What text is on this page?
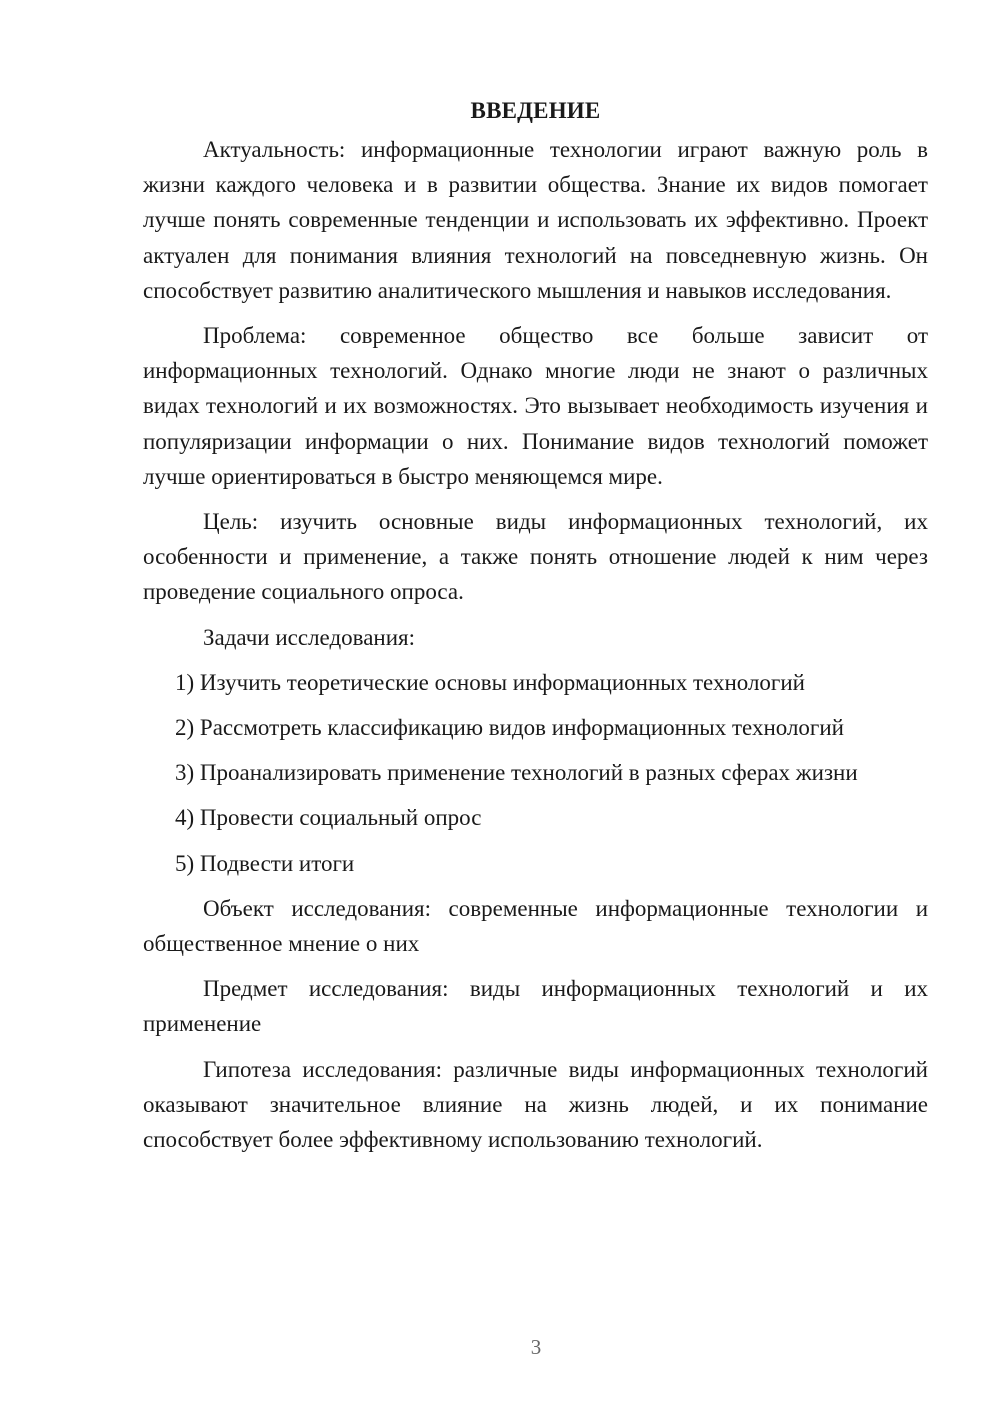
ВВЕДЕНИЕ

Актуальность: информационные технологии играют важную роль в жизни каждого человека и в развитии общества. Знание их видов помогает лучше понять современные тенденции и использовать их эффективно. Проект актуален для понимания влияния технологий на повседневную жизнь. Он способствует развитию аналитического мышления и навыков исследования.

Проблема: современное общество все больше зависит от информационных технологий. Однако многие люди не знают о различных видах технологий и их возможностях. Это вызывает необходимость изучения и популяризации информации о них. Понимание видов технологий поможет лучше ориентироваться в быстро меняющемся мире.

Цель: изучить основные виды информационных технологий, их особенности и применение, а также понять отношение людей к ним через проведение социального опроса.

Задачи исследования:

1) Изучить теоретические основы информационных технологий
2) Рассмотреть классификацию видов информационных технологий
3) Проанализировать применение технологий в разных сферах жизни
4) Провести социальный опрос
5) Подвести итоги

Объект исследования: современные информационные технологии и общественное мнение о них

Предмет исследования: виды информационных технологий и их применение

Гипотеза исследования: различные виды информационных технологий оказывают значительное влияние на жизнь людей, и их понимание способствует более эффективному использованию технологий.

3
